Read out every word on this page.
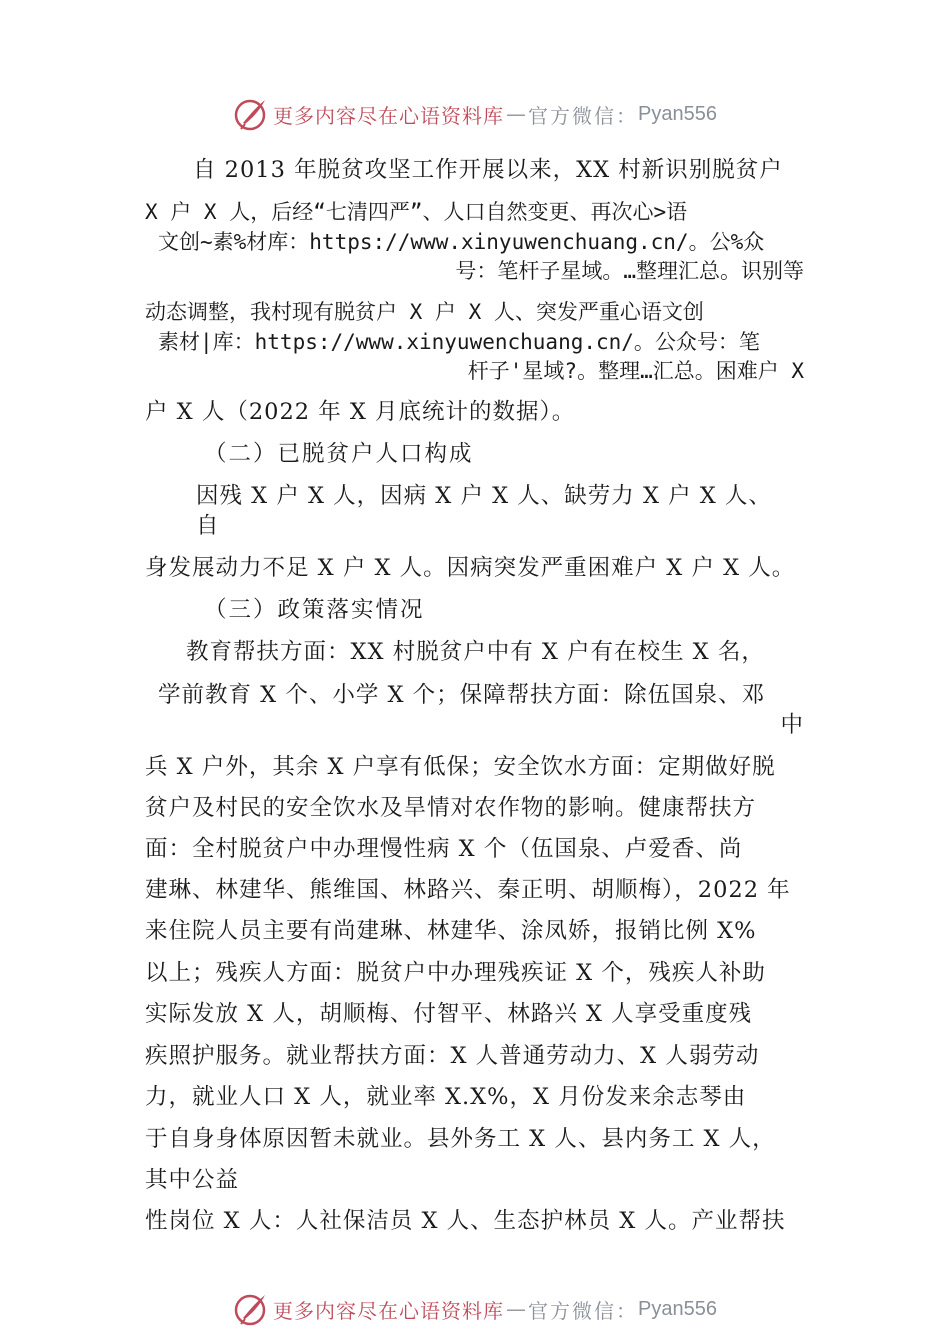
更多内容尽在心语资料库 — 官方微信： Pyan556
自 2013 年脱贫攻坚工作开展以来，XX 村新识别脱贫户
X 户 X 人，后经“七清四严”、人口自然变更、再次心>语
文创~素%材库：https://www.xinyuwenchuang.cn/。公%众
号：笔杆子星域。…整理汇总。识别等
动态调整，我村现有脱贫户 X 户 X 人、突发严重心语文创
素材|库：https://www.xinyuwenchuang.cn/。公众号：笔
杆子'星域?。整理…汇总。困难户 X
户 X 人（2022 年 X 月底统计的数据）。
（二）已脱贫户人口构成
因残 X 户 X 人，因病 X 户 X 人、缺劳力 X 户 X 人、
自
身发展动力不足 X 户 X 人。因病突发严重困难户 X 户 X 人。
（三）政策落实情况
教育帮扶方面：XX 村脱贫户中有 X 户有在校生 X 名，
学前教育 X 个、小学 X 个；保障帮扶方面：除伍国泉、邓
中
兵 X 户外，其余 X 户享有低保；安全饮水方面：定期做好脱
贫户及村民的安全饮水及旱情对农作物的影响。健康帮扶方
面：全村脱贫户中办理慢性病 X 个（伍国泉、卢爱香、尚
建琳、林建华、熊维国、林路兴、秦正明、胡顺梅），2022 年
来住院人员主要有尚建琳、林建华、涂凤娇，报销比例 X%
以上；残疾人方面：脱贫户中办理残疾证 X 个，残疾人补助
实际发放 X 人，胡顺梅、付智平、林路兴 X 人享受重度残
疾照护服务。就业帮扶方面：X 人普通劳动力、X 人弱劳动
力，就业人口 X 人，就业率 X.X%，X 月份发来余志琴由
于自身身体原因暂未就业。县外务工 X 人、县内务工 X 人，
其中公益
性岗位 X 人：人社保洁员 X 人、生态护林员 X 人。产业帮扶
更多内容尽在心语资料库 — 官方微信： Pyan556
